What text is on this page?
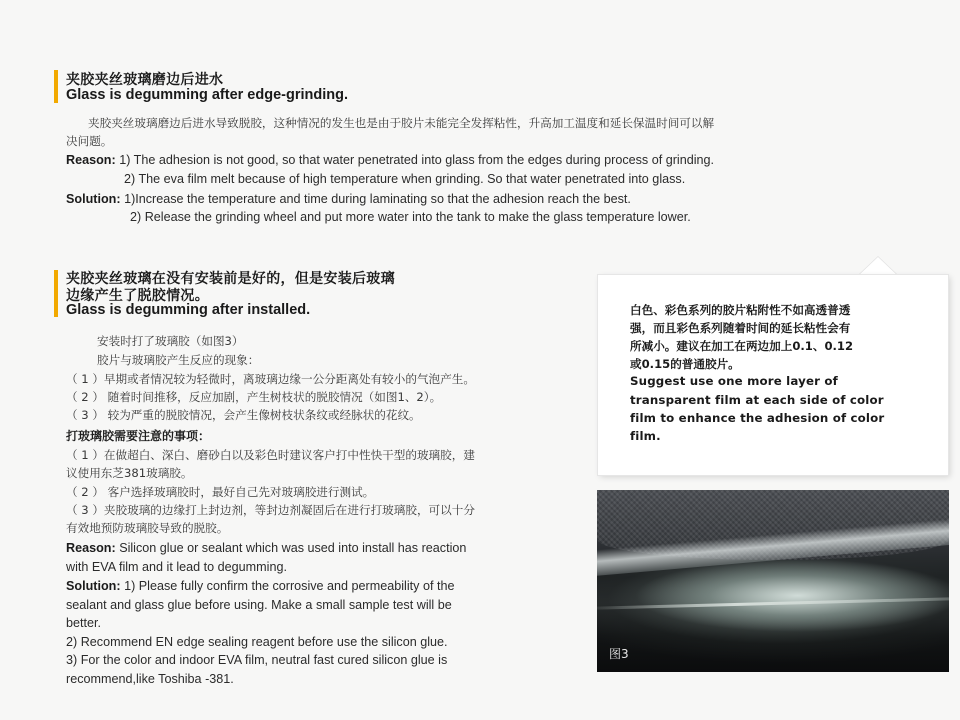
夹胶夹丝玻璃磨边后进水
Glass is degumming after edge-grinding.
夹胶夹丝玻璃磨边后进水导致脱胶，这种情况的发生也是由于胶片未能完全发挥粘性，升高加工温度和延长保温时间可以解
决问题。
Reason: 1) The adhesion is not good, so that water penetrated into glass from the edges during process of grinding.
2) The eva film melt because of high temperature when grinding. So that water penetrated into glass.
Solution: 1)Increase the temperature and time during laminating so that the adhesion reach the best.
2) Release the grinding wheel and put more water into the tank to make the glass temperature lower.
夹胶夹丝玻璃在没有安装前是好的，但是安装后玻璃
边缘产生了脱胶情况。
Glass is degumming after installed.
安装时打了玻璃胶（如图3）
胶片与玻璃胶产生反应的现象：
（ 1 ）早期或者情况较为轻微时，离玻璃边缘一公分距离处有较小的气泡产生。
（ 2 ） 随着时间推移，反应加剧，产生树枝状的脱胶情况（如图1、2）。
（ 3 ） 较为严重的脱胶情况，会产生像树枝状条纹或经脉状的花纹。
打玻璃胶需要注意的事项：
（ 1 ）在做超白、深白、磨砂白以及彩色时建议客户打中性快干型的玻璃胶，建
议使用东芝381玻璃胶。
（ 2 ） 客户选择玻璃胶时，最好自己先对玻璃胶进行测试。
（ 3 ）夹胶玻璃的边缘打上封边剂，等封边剂凝固后在进行打玻璃胶，可以十分
有效地预防玻璃胶导致的脱胶。
Reason: Silicon glue or sealant which was used into install has reaction
with EVA film and it lead to degumming.
Solution: 1) Please fully confirm the corrosive and permeability of the
sealant and glass glue before using. Make a small sample test will be
better.
2) Recommend EN edge sealing reagent before use the silicon glue.
3) For the color and indoor EVA film, neutral fast cured silicon glue is
recommend,like Toshiba -381.
白色、彩色系列的胶片粘附性不如高透普透
强，而且彩色系列随着时间的延长粘性会有
所减小。建议在加工在两边加上0.1、0.12
或0.15的普通胶片。
Suggest use one more layer of
transparent film at each side of color
film to enhance the adhesion of color
film.
图3
